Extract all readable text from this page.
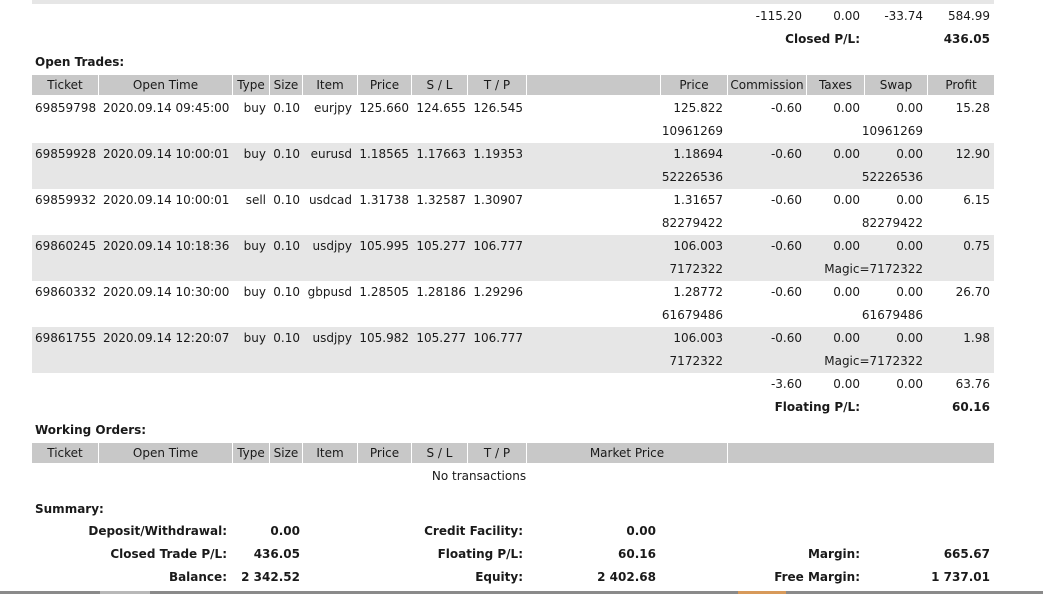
-115.20	0.00	-33.74	584.99
Closed P/L:	436.05
Open Trades:
Ticket	Open Time	Type Size	Item	Price	S / L	T / P	Price	Commission	Taxes	Swap	Profit
69859798 2020.09.14 09:45:00	buy 0.10	eurjpy 125.660 124.655 126.545	125.822	-0.60	0.00	0.00	15.28
10961269	10961269
69859928 2020.09.14 10:00:01	buy 0.10 eurusd 1.18565 1.17663 1.19353	1.18694	-0.60	0.00	0.00	12.90
52226536	52226536
69859932 2020.09.14 10:00:01	sell 0.10 usdcad 1.31738 1.32587 1.30907	1.31657	-0.60	0.00	0.00	6.15
82279422	82279422
69860245 2020.09.14 10:18:36	buy 0.10	usdjpy 105.995 105.277 106.777	106.003	-0.60	0.00	0.00	0.75
7172322	Magic=7172322
69860332 2020.09.14 10:30:00	buy 0.10 gbpusd 1.28505 1.28186 1.29296	1.28772	-0.60	0.00	0.00	26.70
61679486	61679486
69861755 2020.09.14 12:20:07	buy 0.10	usdjpy 105.982 105.277 106.777	106.003	-0.60	0.00	0.00	1.98
7172322	Magic=7172322
-3.60	0.00	0.00	63.76
Floating P/L:	60.16
Working Orders:
Ticket	Open Time	Type Size	Item	Price	S / L	T / P	Market Price
No transactions
Summary:
Deposit/Withdrawal:	0.00
Closed Trade P/L:	436.05
Balance:	2 342.52
Credit Facility:	0.00
Floating P/L:	60.16
Equity:	2 402.68
Margin:	665.67
Free Margin:	1 737.01
